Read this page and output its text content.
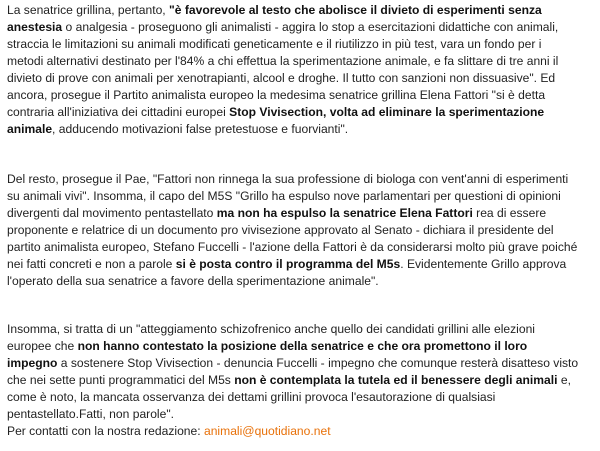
La senatrice grillina, pertanto, "è favorevole al testo che abolisce il divieto di esperimenti senza
anestesia o analgesia - proseguono gli animalisti - aggira lo stop a esercitazioni didattiche con animali,
straccia le limitazioni su animali modificati geneticamente e il riutilizzo in più test, vara un fondo per i
metodi alternativi destinato per l'84% a chi effettua la sperimentazione animale, e fa slittare di tre anni il
divieto di prove con animali per xenotrapianti, alcool e droghe. Il tutto con sanzioni non dissuasive". Ed
ancora, prosegue il Partito animalista europeo la medesima senatrice grillina Elena Fattori "si è detta
contraria all'iniziativa dei cittadini europei Stop Vivisection, volta ad eliminare la sperimentazione
animale, adducendo motivazioni false pretestuose e fuorvianti".
Del resto, prosegue il Pae, "Fattori non rinnega la sua professione di biologa con vent'anni di esperimenti
su animali vivi". Insomma, il capo del M5S "Grillo ha espulso nove parlamentari per questioni di opinioni
divergenti dal movimento pentastellato ma non ha espulso la senatrice Elena Fattori rea di essere
proponente e relatrice di un documento pro vivisezione approvato al Senato - dichiara il presidente del
partito animalista europeo, Stefano Fuccelli - l'azione della Fattori è da considerarsi molto più grave poiché
nei fatti concreti e non a parole si è posta contro il programma del M5s. Evidentemente Grillo approva
l'operato della sua senatrice a favore della sperimentazione animale".
Insomma, si tratta di un "atteggiamento schizofrenico anche quello dei candidati grillini alle elezioni
europee che non hanno contestato la posizione della senatrice e che ora promettono il loro
impegno a sostenere Stop Vivisection - denuncia Fuccelli - impegno che comunque resterà disatteso visto
che nei sette punti programmatici del M5s non è contemplata la tutela ed il benessere degli animali e,
come è noto, la mancata osservanza dei dettami grillini provoca l'esautorazione di qualsiasi
pentastellato.Fatti, non parole".
Per contatti con la nostra redazione: animali@quotidiano.net
